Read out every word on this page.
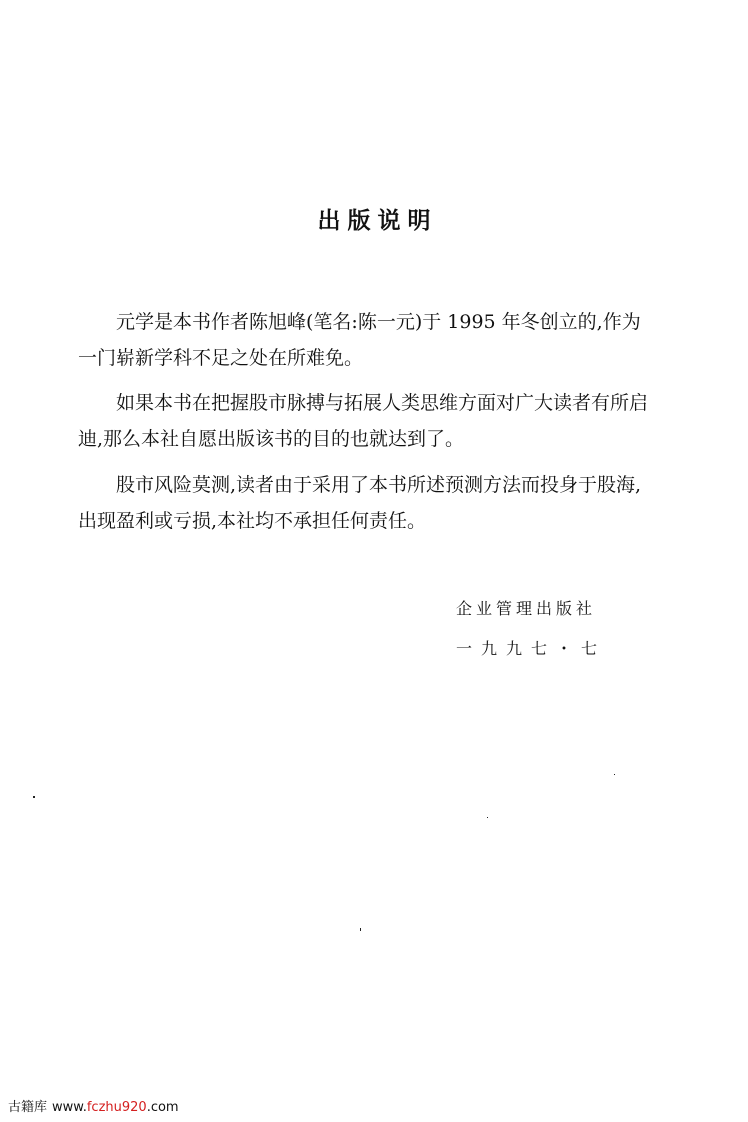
出版说明

元学是本书作者陈旭峰(笔名:陈一元)于 1995 年冬创立的,作为一门崭新学科不足之处在所难免。

如果本书在把握股市脉搏与拓展人类思维方面对广大读者有所启迪,那么本社自愿出版该书的目的也就达到了。

股市风险莫测,读者由于采用了本书所述预测方法而投身于股海,出现盈利或亏损,本社均不承担任何责任。

企业管理出版社
一九九七・七
古籍库 www.fczhu920.com
